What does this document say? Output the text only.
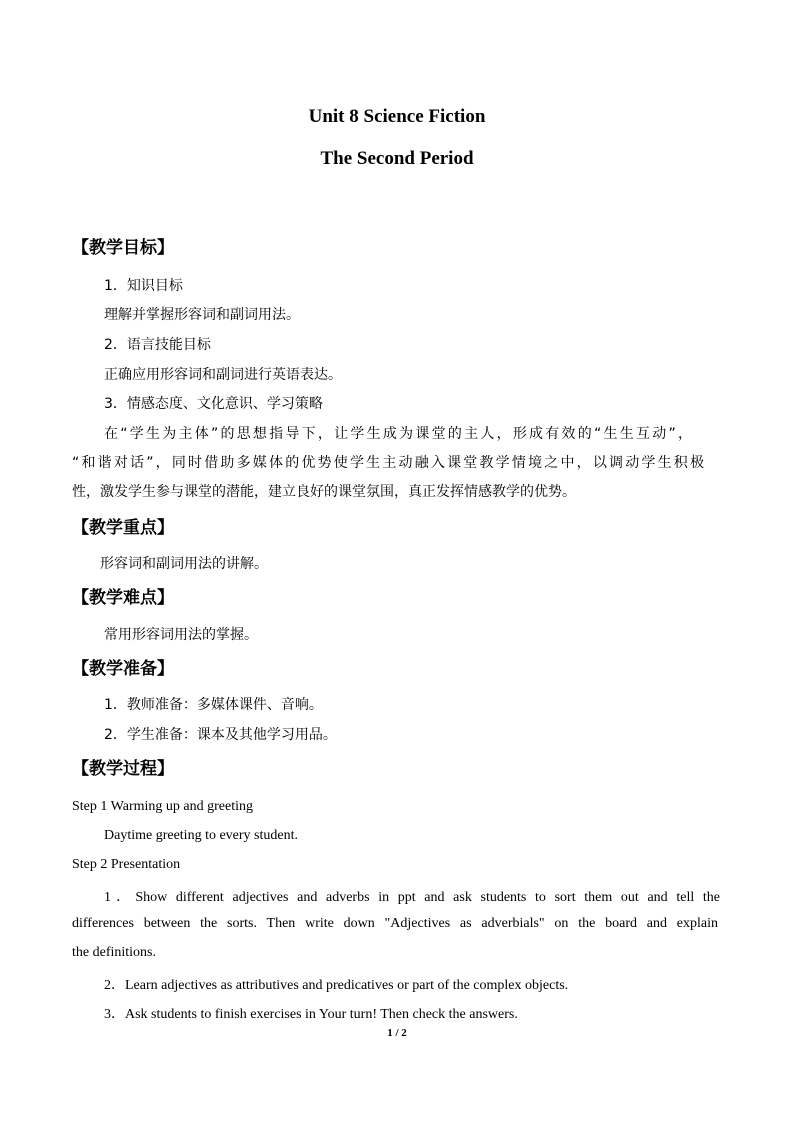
Unit 8 Science Fiction
The Second Period
【教学目标】
1．知识目标
理解并掌握形容词和副词用法。
2．语言技能目标
正确应用形容词和副词进行英语表达。
3．情感态度、文化意识、学习策略
在“学生为主体”的思想指导下，让学生成为课堂的主人，形成有效的“生生互动”，
“和谐对话”，同时借助多媒体的优势使学生主动融入课堂教学情境之中，以调动学生积极
性，激发学生参与课堂的潜能，建立良好的课堂氛围，真正发挥情感教学的优势。
【教学重点】
形容词和副词用法的讲解。
【教学难点】
常用形容词用法的掌握。
【教学准备】
1．教师准备：多媒体课件、音响。
2．学生准备：课本及其他学习用品。
【教学过程】
Step 1 Warming up and greeting
Daytime greeting to every student.
Step 2 Presentation
1．Show different adjectives and adverbs in ppt and ask students to sort them out and tell the
differences between the sorts. Then write down "Adjectives as adverbials" on the board and explain
the definitions.
2．Learn adjectives as attributives and predicatives or part of the complex objects.
3．Ask students to finish exercises in Your turn! Then check the answers.
1 / 2
